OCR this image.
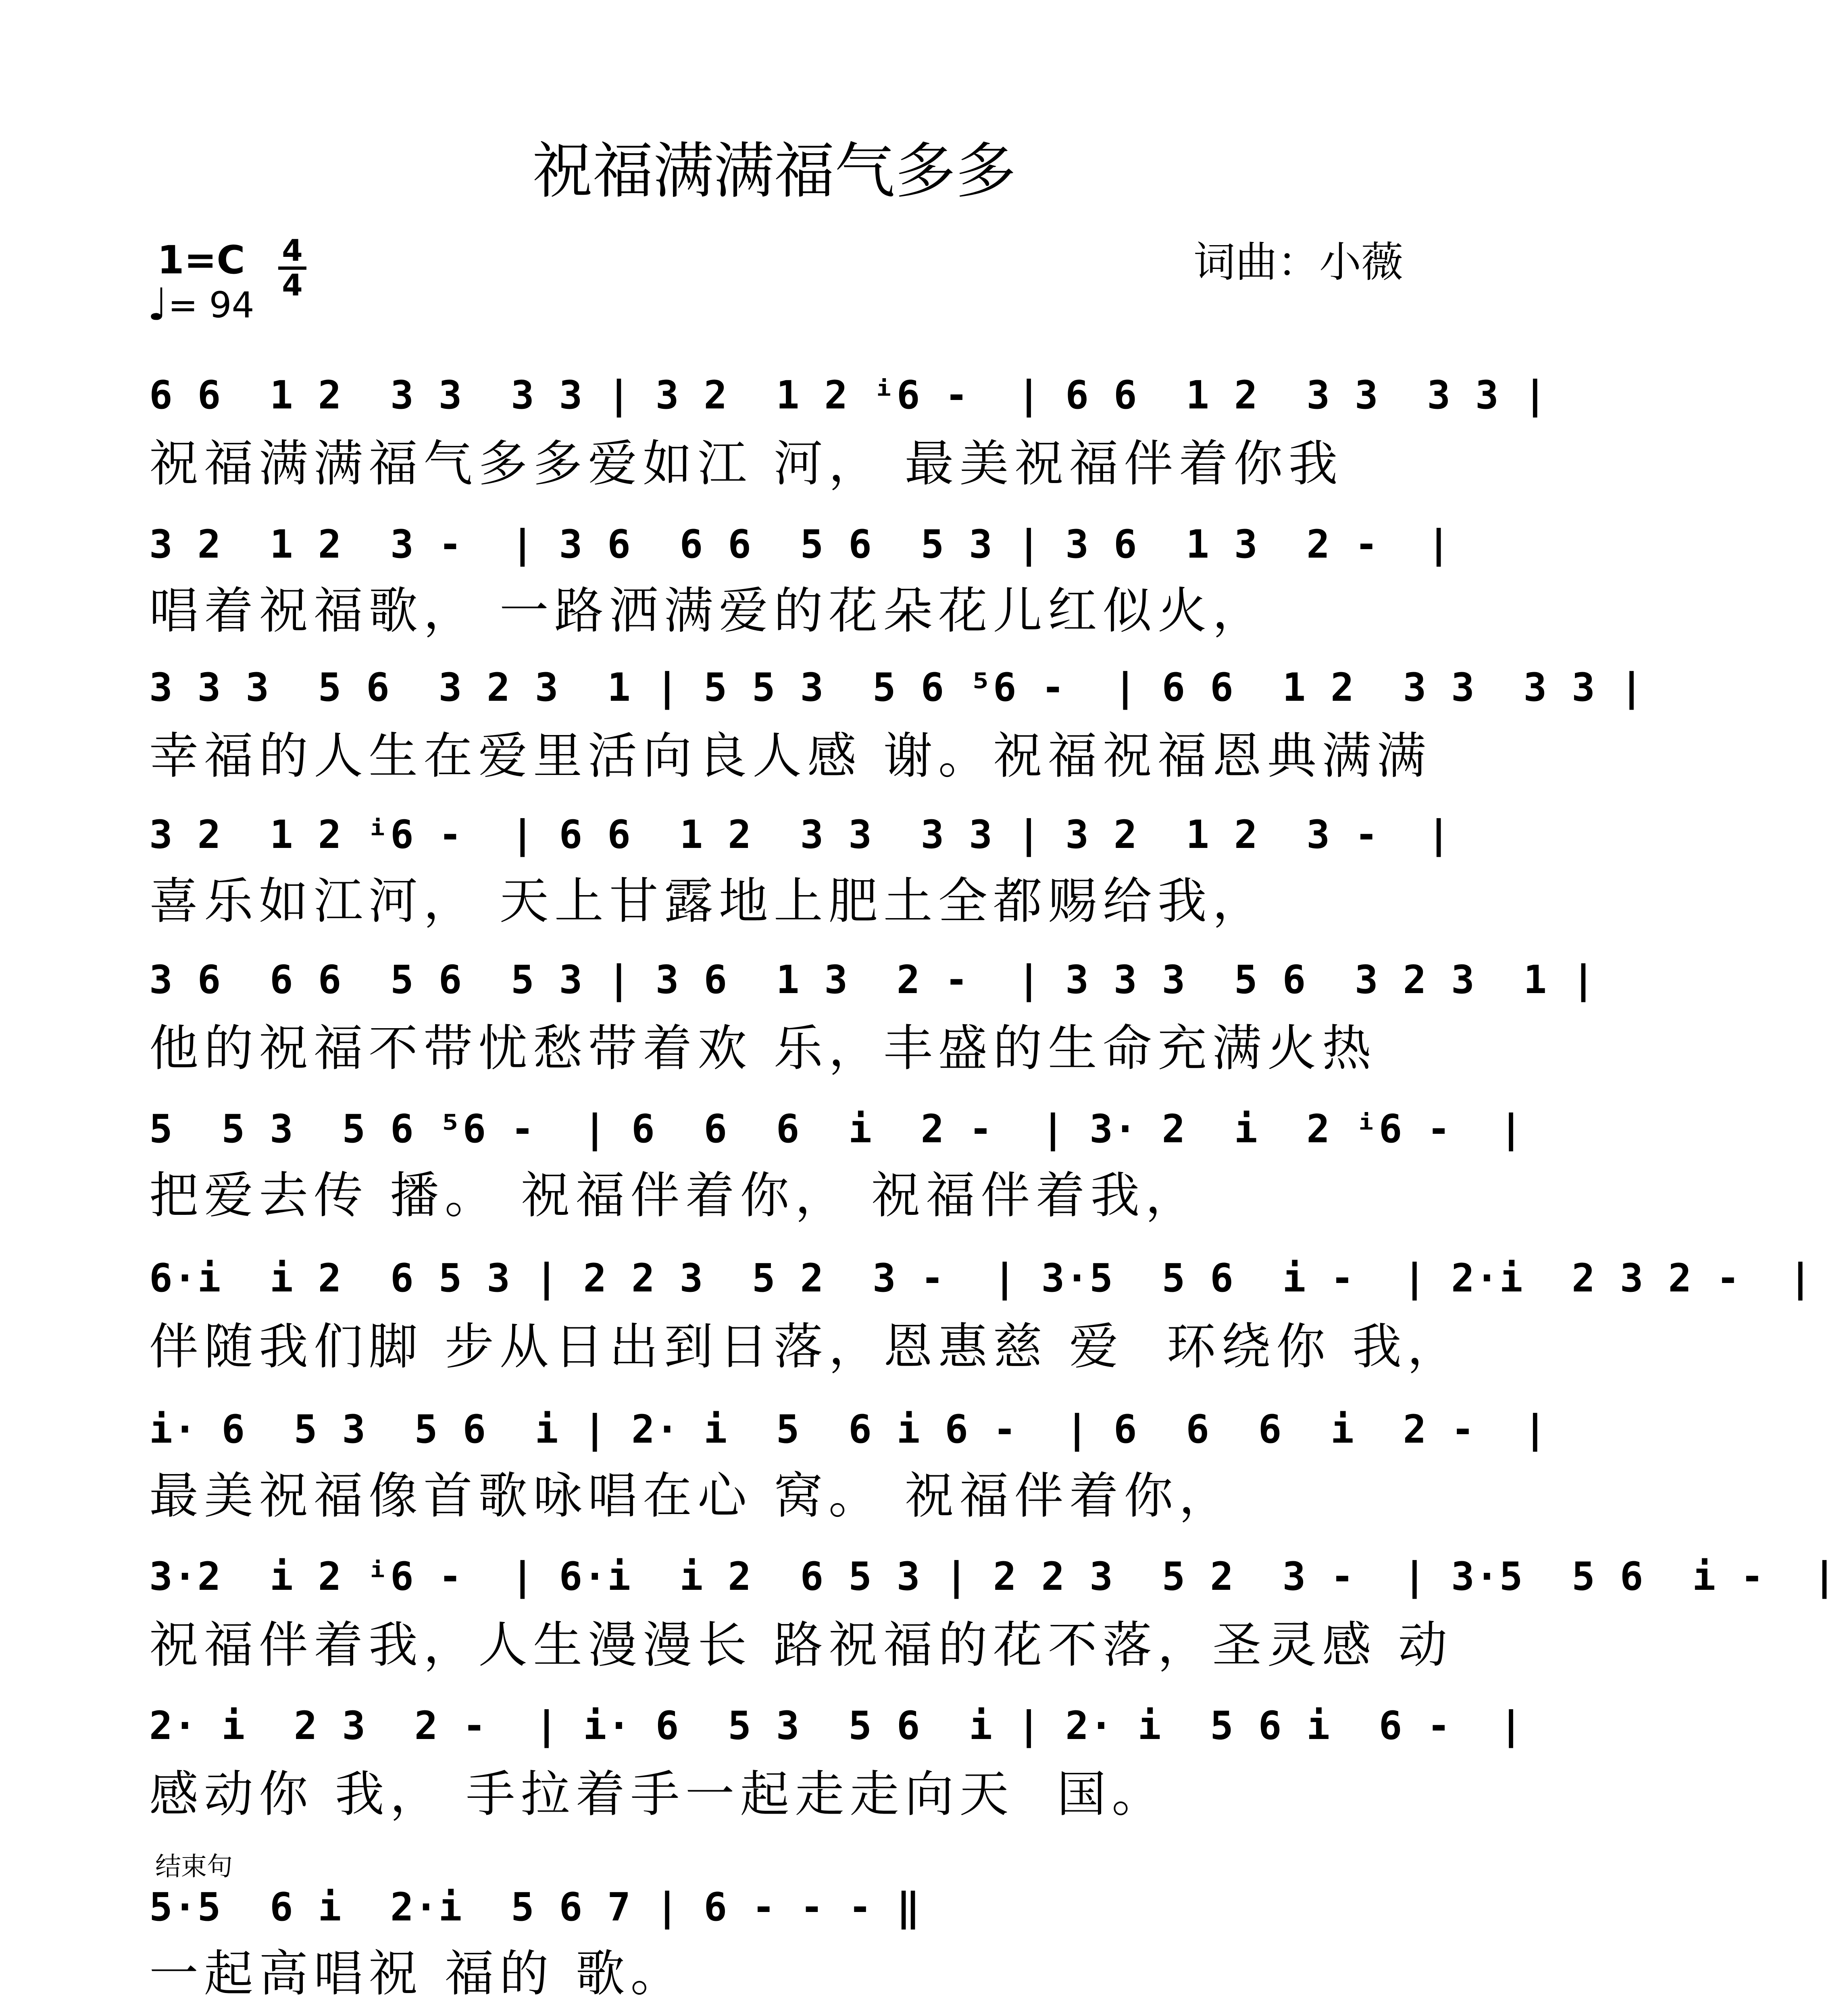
祝福满满福气多多
1=C 4
4
♩= 94
词曲：小薇
6 6  1 2  3 3  3 3 | 3 2  1 2 ⁱ6 -  | 6 6  1 2  3 3  3 3 |
祝福满满福气多多爱如江 河， 最美祝福伴着你我
3 2  1 2  3 -  | 3 6  6 6  5 6  5 3 | 3 6  1 3  2 -  |
唱着祝福歌， 一路洒满爱的花朵花儿红似火，
3 3 3  5 6  3 2 3  1 | 5 5 3  5 6 ⁵6 -  | 6 6  1 2  3 3  3 3 |
幸福的人生在爱里活向良人感 谢。祝福祝福恩典满满
3 2  1 2 ⁱ6 -  | 6 6  1 2  3 3  3 3 | 3 2  1 2  3 -  |
喜乐如江河， 天上甘露地上肥土全都赐给我，
3 6  6 6  5 6  5 3 | 3 6  1 3  2 -  | 3 3 3  5 6  3 2 3  1 |
他的祝福不带忧愁带着欢 乐，丰盛的生命充满火热
5  5 3  5 6 ⁵6 -  | 6  6  6  i  2 -  | 3· 2  i  2 ⁱ6 -  |
把爱去传 播。 祝福伴着你， 祝福伴着我，
6·i  i 2  6 5 3 | 2 2 3  5 2  3 -  | 3·5  5 6  i -  | 2·i  2 3 2 -  |
伴随我们脚 步从日出到日落，恩惠慈 爱  环绕你 我，
i· 6  5 3  5 6  i | 2· i  5  6 i 6 -  | 6  6  6  i  2 -  |
最美祝福像首歌咏唱在心 窝。 祝福伴着你，
3·2  i 2 ⁱ6 -  | 6·i  i 2  6 5 3 | 2 2 3  5 2  3 -  | 3·5  5 6  i -  |
祝福伴着我，人生漫漫长 路祝福的花不落，圣灵感 动
2· i  2 3  2 -  | i· 6  5 3  5 6  i | 2· i  5 6 i  6 -  |
感动你 我， 手拉着手一起走走向天  国。
结束句
5·5  6 i  2·i  5 6 7 | 6 - - - ‖
一起高唱祝 福的 歌。
